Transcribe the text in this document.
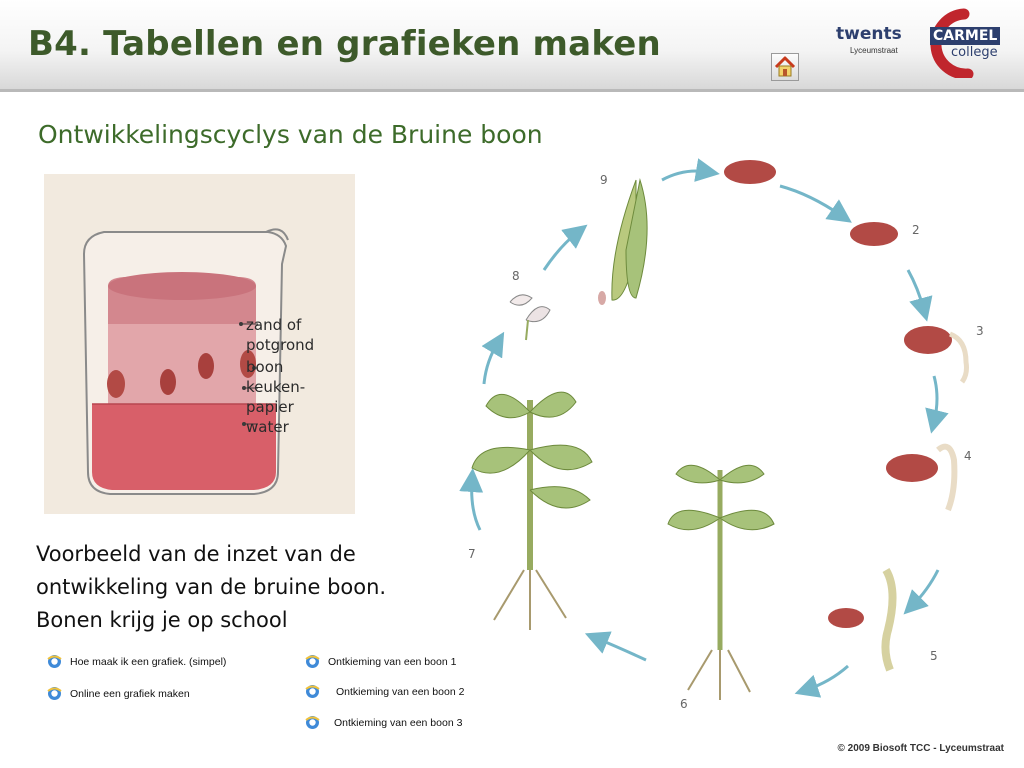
B4. Tabellen en grafieken maken	twents
Lyceumstraat
CARMEL
college
Ontwikkelingscyclys van de Bruine boon
zand of
potgrond
boon
keuken-
papier
water
Voorbeeld van de inzet van de
ontwikkeling van de bruine boon.
Bonen krijg je op school
2
3
4
5
6
7
8
9
Hoe maak ik een grafiek. (simpel)
Online een grafiek maken
Ontkieming van een boon 1
Ontkieming van een boon 2
Ontkieming van een boon 3
© 2009 Biosoft TCC - Lyceumstraat
